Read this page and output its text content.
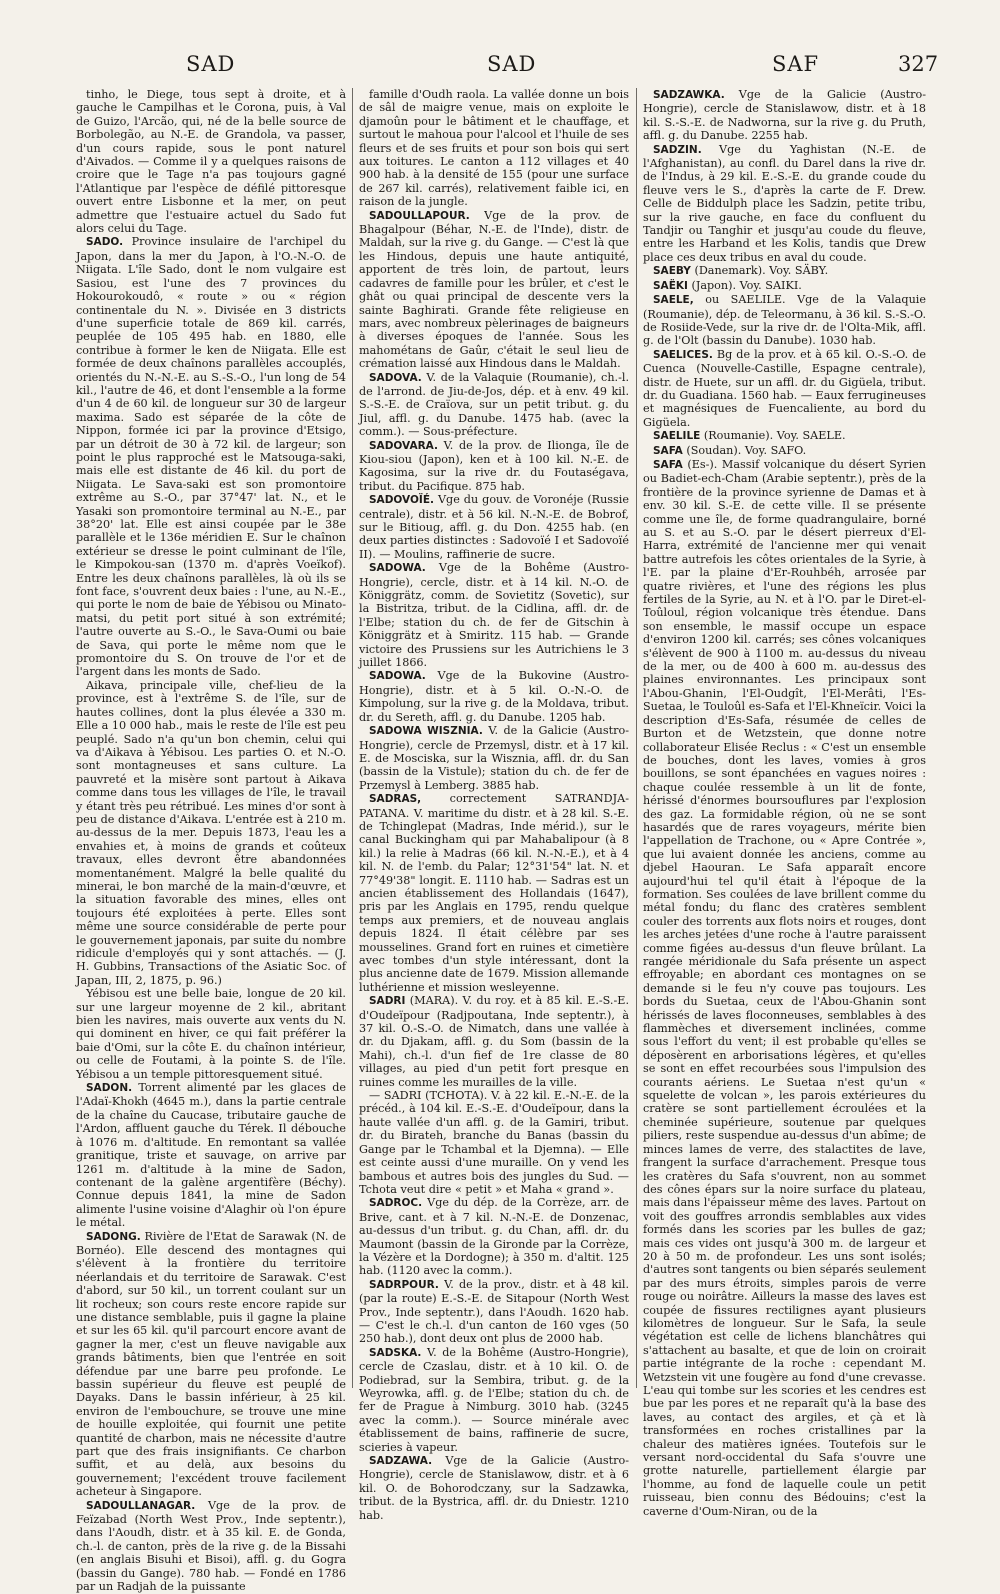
SAD	SAD	SAF	327

tinho, le Diege, tous sept à droite, et à gauche le Campilhas et le Corona, puis, à Val de Guizo, l'Arcão, qui, né de la belle source de Borbolegão, au N.-E. de Grandola, va passer, d'un cours rapide, sous le pont naturel d'Aivados. — Comme il y a quelques raisons de croire que le Tage n'a pas toujours gagné l'Atlantique par l'espèce de défilé pittoresque ouvert entre Lisbonne et la mer, on peut admettre que l'estuaire actuel du Sado fut alors celui du Tage.

SADO. Province insulaire de l'archipel du Japon, dans la mer du Japon, à l'O.-N.-O. de Niigata. L'île Sado, dont le nom vulgaire est Sasiou, est l'une des 7 provinces du Hokourokoudô, « route » ou « région continentale du N. ». Divisée en 3 districts d'une superficie totale de 869 kil. carrés, peuplée de 105 495 hab. en 1880, elle contribue à former le ken de Niigata. Elle est formée de deux chaînons parallèles accouplés, orientés du N.-N.-E. au S.-S.-O., l'un long de 54 kil., l'autre de 46, et dont l'ensemble a la forme d'un 4 de 60 kil. de longueur sur 30 de largeur maxima. Sado est séparée de la côte de Nippon, formée ici par la province d'Etsigo, par un détroit de 30 à 72 kil. de largeur; son point le plus rapproché est le Matsouga-saki, mais elle est distante de 46 kil. du port de Niigata. Le Sava-saki est son promontoire extrême au S.-O., par 37°47' lat. N., et le Yasaki son promontoire terminal au N.-E., par 38°20' lat. Elle est ainsi coupée par le 38e parallèle et le 136e méridien E. Sur le chaînon extérieur se dresse le point culminant de l'île, le Kimpokou-san (1370 m. d'après Voeïkof). Entre les deux chaînons parallèles, là où ils se font face, s'ouvrent deux baies : l'une, au N.-E., qui porte le nom de baie de Yébisou ou Minato-matsi, du petit port situé à son extrémité; l'autre ouverte au S.-O., le Sava-Oumi ou baie de Sava, qui porte le même nom que le promontoire du S. On trouve de l'or et de l'argent dans les monts de Sado.

Aikava, principale ville, chef-lieu de la province, est à l'extrême S. de l'île, sur de hautes collines, dont la plus élevée a 330 m. Elle a 10 000 hab., mais le reste de l'île est peu peuplé. Sado n'a qu'un bon chemin, celui qui va d'Aikava à Yébisou. Les parties O. et N.-O. sont montagneuses et sans culture. La pauvreté et la misère sont partout à Aikava comme dans tous les villages de l'île, le travail y étant très peu rétribué. Les mines d'or sont à peu de distance d'Aikava. L'entrée est à 210 m. au-dessus de la mer. Depuis 1873, l'eau les a envahies et, à moins de grands et coûteux travaux, elles devront être abandonnées momentanément. Malgré la belle qualité du minerai, le bon marché de la main-d'œuvre, et la situation favorable des mines, elles ont toujours été exploitées à perte. Elles sont même une source considérable de perte pour le gouvernement japonais, par suite du nombre ridicule d'employés qui y sont attachés. — (J. H. Gubbins, Transactions of the Asiatic Soc. of Japan, III, 2, 1875, p. 96.)

Yébisou est une belle baie, longue de 20 kil. sur une largeur moyenne de 2 kil., abritant bien les navires, mais ouverte aux vents du N. qui dominent en hiver, ce qui fait préférer la baie d'Omi, sur la côte E. du chaînon intérieur, ou celle de Foutami, à la pointe S. de l'île. Yébisou a un temple pittoresquement situé.

SADON. Torrent alimenté par les glaces de l'Adaï-Khokh (4645 m.), dans la partie centrale de la chaîne du Caucase, tributaire gauche de l'Ardon, affluent gauche du Térek. Il débouche à 1076 m. d'altitude. En remontant sa vallée granitique, triste et sauvage, on arrive par 1261 m. d'altitude à la mine de Sadon, contenant de la galène argentifère (Béchy). Connue depuis 1841, la mine de Sadon alimente l'usine voisine d'Alaghir où l'on épure le métal.

SADONG. Rivière de l'Etat de Sarawak (N. de Bornéo). Elle descend des montagnes qui s'élèvent à la frontière du territoire néerlandais et du territoire de Sarawak. C'est d'abord, sur 50 kil., un torrent coulant sur un lit rocheux; son cours reste encore rapide sur une distance semblable, puis il gagne la plaine et sur les 65 kil. qu'il parcourt encore avant de gagner la mer, c'est un fleuve navigable aux grands bâtiments, bien que l'entrée en soit défendue par une barre peu profonde. Le bassin supérieur du fleuve est peuplé de Dayaks. Dans le bassin inférieur, à 25 kil. environ de l'embouchure, se trouve une mine de houille exploitée, qui fournit une petite quantité de charbon, mais ne nécessite d'autre part que des frais insignifiants. Ce charbon suffit, et au delà, aux besoins du gouvernement; l'excédent trouve facilement acheteur à Singapore.

SADOULLANAGAR. Vge de la prov. de Feïzabad (North West Prov., Inde septentr.), dans l'Aoudh, distr. et à 35 kil. E. de Gonda, ch.-l. de canton, près de la rive g. de la Bissahi (en anglais Bisuhi et Bisoi), affl. g. du Gogra (bassin du Gange). 780 hab. — Fondé en 1786 par un Radjah de la puissante

famille d'Oudh raola. La vallée donne un bois de sâl de maigre venue, mais on exploite le djamoûn pour le bâtiment et le chauffage, et surtout le mahoua pour l'alcool et l'huile de ses fleurs et de ses fruits et pour son bois qui sert aux toitures. Le canton a 112 villages et 40 900 hab. à la densité de 155 (pour une surface de 267 kil. carrés), relativement faible ici, en raison de la jungle.

SADOULLAPOUR. Vge de la prov. de Bhagalpour (Béhar, N.-E. de l'Inde), distr. de Maldah, sur la rive g. du Gange. — C'est là que les Hindous, depuis une haute antiquité, apportent de très loin, de partout, leurs cadavres de famille pour les brûler, et c'est le ghât ou quai principal de descente vers la sainte Baghirati. Grande fête religieuse en mars, avec nombreux pèlerinages de baigneurs à diverses époques de l'année. Sous les mahométans de Gaûr, c'était le seul lieu de crémation laissé aux Hindous dans le Maldah.

SADOVA. V. de la Valaquie (Roumanie), ch.-l. de l'arrond. de Jiu-de-Jos, dép. et à env. 49 kil. S.-S.-E. de Craïova, sur un petit tribut. g. du Jiul, affl. g. du Danube. 1475 hab. (avec la comm.). — Sous-préfecture.

SADOVARA. V. de la prov. de Ilionga, île de Kiou-siou (Japon), ken et à 100 kil. N.-E. de Kagosima, sur la rive dr. du Foutaségava, tribut. du Pacifique. 875 hab.

SADOVOÏÉ. Vge du gouv. de Voronéje (Russie centrale), distr. et à 56 kil. N.-N.-E. de Bobrof, sur le Bitioug, affl. g. du Don. 4255 hab. (en deux parties distinctes : Sadovoïé I et Sadovoïé II). — Moulins, raffinerie de sucre.

SADOWA. Vge de la Bohême (Austro-Hongrie), cercle, distr. et à 14 kil. N.-O. de Königgrätz, comm. de Sovietitz (Sovetic), sur la Bistritza, tribut. de la Cidlina, affl. dr. de l'Elbe; station du ch. de fer de Gitschin à Königgrätz et à Smiritz. 115 hab. — Grande victoire des Prussiens sur les Autrichiens le 3 juillet 1866.

SADOWA. Vge de la Bukovine (Austro-Hongrie), distr. et à 5 kil. O.-N.-O. de Kimpolung, sur la rive g. de la Moldava, tribut. dr. du Sereth, affl. g. du Danube. 1205 hab.

SADOWA WISZNIA. V. de la Galicie (Austro-Hongrie), cercle de Przemysl, distr. et à 17 kil. E. de Mosciska, sur la Wisznia, affl. dr. du San (bassin de la Vistule); station du ch. de fer de Przemysl à Lemberg. 3885 hab.

SADRAS,	correctement SATRANDJA-PATANA. V. maritime du distr. et à 28 kil. S.-E. de Tchinglepat (Madras, Inde mérid.), sur le canal Buckingham qui par Mahabalipour (à 8 kil.) la relie à Madras (66 kil. N.-N.-E.), et à 4 kil. N. de l'emb. du Palar; 12°31'54" lat. N. et 77°49'38" longit. E. 1110 hab. — Sadras est un ancien établissement des Hollandais (1647), pris par les Anglais en 1795, rendu quelque temps aux premiers, et de nouveau anglais depuis 1824. Il était célèbre par ses mousselines. Grand fort en ruines et cimetière avec tombes d'un style intéressant, dont la plus ancienne date de 1679. Mission allemande luthérienne et mission wesleyenne.

SADRI (MARA). V. du roy. et à 85 kil. E.-S.-E. d'Oudeïpour (Radjpoutana, Inde septentr.), à 37 kil. O.-S.-O. de Nimatch, dans une vallée à dr. du Djakam, affl. g. du Som (bassin de la Mahi), ch.-l. d'un fief de 1re classe de 80 villages, au pied d'un petit fort presque en ruines comme les murailles de la ville.

— SADRI (TCHOTA). V. à 22 kil. E.-N.-E. de la précéd., à 104 kil. E.-S.-E. d'Oudeïpour, dans la haute vallée d'un affl. g. de la Gamiri, tribut. dr. du Birateh, branche du Banas (bassin du Gange par le Tchambal et la Djemna). — Elle est ceinte aussi d'une muraille. On y vend les bambous et autres bois des jungles du Sud. — Tchota veut dire « petit » et Maha « grand ».

SADROC. Vge du dép. de la Corrèze, arr. de Brive, cant. et à 7 kil. N.-N.-E. de Donzenac, au-dessus d'un tribut. g. du Chan, affl. dr. du Maumont (bassin de la Gironde par la Corrèze, la Vézère et la Dordogne); à 350 m. d'altit. 125 hab. (1120 avec la comm.).

SADRPOUR. V. de la prov., distr. et à 48 kil. (par la route) E.-S.-E. de Sitapour (North West Prov., Inde septentr.), dans l'Aoudh. 1620 hab. — C'est le ch.-l. d'un canton de 160 vges (50 250 hab.), dont deux ont plus de 2000 hab.

SADSKA. V. de la Bohême (Austro-Hongrie), cercle de Czaslau, distr. et à 10 kil. O. de Podiebrad, sur la Sembira, tribut. g. de la Weyrowka, affl. g. de l'Elbe; station du ch. de fer de Prague à Nimburg. 3010 hab. (3245 avec la comm.). — Source minérale avec établissement de bains, raffinerie de sucre, scieries à vapeur.

SADZAWA. Vge de la Galicie (Austro-Hongrie), cercle de Stanislawow, distr. et à 6 kil. O. de Bohorodczany, sur la Sadzawka, tribut. de la Bystrica, affl. dr. du Dniestr. 1210 hab.

SADZAWKA. Vge de la Galicie (Austro-Hongrie), cercle de Stanislawow, distr. et à 18 kil. S.-S.-E. de Nadworna, sur la rive g. du Pruth, affl. g. du Danube. 2255 hab.

SADZIN. Vge du Yaghistan (N.-E. de l'Afghanistan), au confl. du Darel dans la rive dr. de l'Indus, à 29 kil. E.-S.-E. du grande coude du fleuve vers le S., d'après la carte de F. Drew. Celle de Biddulph place les Sadzin, petite tribu, sur la rive gauche, en face du confluent du Tandjir ou Tanghir et jusqu'au coude du fleuve, entre les Harband et les Kolis, tandis que Drew place ces deux tribus en aval du coude.

SAEBY (Danemark). Voy. SÄBY.

SAËKI (Japon). Voy. SAIKI.

SAELE, ou SAELILE. Vge de la Valaquie (Roumanie), dép. de Teleormanu, à 36 kil. S.-S.-O. de Rosiide-Vede, sur la rive dr. de l'Olta-Mik, affl. g. de l'Olt (bassin du Danube). 1030 hab.

SAELICES. Bg de la prov. et à 65 kil. O.-S.-O. de Cuenca (Nouvelle-Castille, Espagne centrale), distr. de Huete, sur un affl. dr. du Gigüela, tribut. dr. du Guadiana. 1560 hab. — Eaux ferrugineuses et magnésiques de Fuencaliente, au bord du Gigüela.

SAELILE (Roumanie). Voy. SAELE.

SAFA (Soudan). Voy. SAFO.

SAFA (Es-). Massif volcanique du désert Syrien ou Badiet-ech-Cham (Arabie septentr.), près de la frontière de la province syrienne de Damas et à env. 30 kil. S.-E. de cette ville. Il se présente comme une île, de forme quadrangulaire, borné au S. et au S.-O. par le désert pierreux d'El-Harra, extrémité de l'ancienne mer qui venait battre autrefois les côtes orientales de la Syrie, à l'E. par la plaine d'Er-Rouhbéh, arrosée par quatre rivières, et l'une des régions les plus fertiles de la Syrie, au N. et à l'O. par le Diret-el-Toûloul, région volcanique très étendue. Dans son ensemble, le massif occupe un espace d'environ 1200 kil. carrés; ses cônes volcaniques s'élèvent de 900 à 1100 m. au-dessus du niveau de la mer, ou de 400 à 600 m. au-dessus des plaines environnantes. Les principaux sont l'Abou-Ghanin, l'El-Oudgît, l'El-Merâti, l'Es-Suetaa, le Touloûl es-Safa et l'El-Khneïcir. Voici la description d'Es-Safa, résumée de celles de Burton et de Wetzstein, que donne notre collaborateur Elisée Reclus : « C'est un ensemble de bouches, dont les laves, vomies à gros bouillons, se sont épanchées en vagues noires : chaque coulée ressemble à un lit de fonte, hérissé d'énormes boursouflures par l'explosion des gaz. La formidable région, où ne se sont hasardés que de rares voyageurs, mérite bien l'appellation de Trachone, ou « Apre Contrée », que lui avaient donnée les anciens, comme au djebel Haouran. Le Safa apparaît encore aujourd'hui tel qu'il était à l'époque de la formation. Ses coulées de lave brillent comme du métal fondu; du flanc des cratères semblent couler des torrents aux flots noirs et rouges, dont les arches jetées d'une roche à l'autre paraissent comme figées au-dessus d'un fleuve brûlant. La rangée méridionale du Safa présente un aspect effroyable; en abordant ces montagnes on se demande si le feu n'y couve pas toujours. Les bords du Suetaa, ceux de l'Abou-Ghanin sont hérissés de laves floconneuses, semblables à des flammèches et diversement inclinées, comme sous l'effort du vent; il est probable qu'elles se déposèrent en arborisations légères, et qu'elles se sont en effet recourbées sous l'impulsion des courants aériens. Le Suetaa n'est qu'un « squelette de volcan », les parois extérieures du cratère se sont partiellement écroulées et la cheminée supérieure, soutenue par quelques piliers, reste suspendue au-dessus d'un abîme; de minces lames de verre, des stalactites de lave, frangent la surface d'arrachement. Presque tous les cratères du Safa s'ouvrent, non au sommet des cônes épars sur la noire surface du plateau, mais dans l'épaisseur même des laves. Partout on voit des gouffres arrondis semblables aux vides formés dans les scories par les bulles de gaz; mais ces vides ont jusqu'à 300 m. de largeur et 20 à 50 m. de profondeur. Les uns sont isolés; d'autres sont tangents ou bien séparés seulement par des murs étroits, simples parois de verre rouge ou noirâtre. Ailleurs la masse des laves est coupée de fissures rectilignes ayant plusieurs kilomètres de longueur. Sur le Safa, la seule végétation est celle de lichens blanchâtres qui s'attachent au basalte, et que de loin on croirait partie intégrante de la roche : cependant M. Wetzstein vit une fougère au fond d'une crevasse. L'eau qui tombe sur les scories et les cendres est bue par les pores et ne reparaît qu'à la base des laves, au contact des argiles, et çà et là transformées en roches cristallines par la chaleur des matières ignées. Toutefois sur le versant nord-occidental du Safa s'ouvre une grotte naturelle, partiellement élargie par l'homme, au fond de laquelle coule un petit ruisseau, bien connu des Bédouins; c'est la caverne d'Oum-Niran, ou de la
